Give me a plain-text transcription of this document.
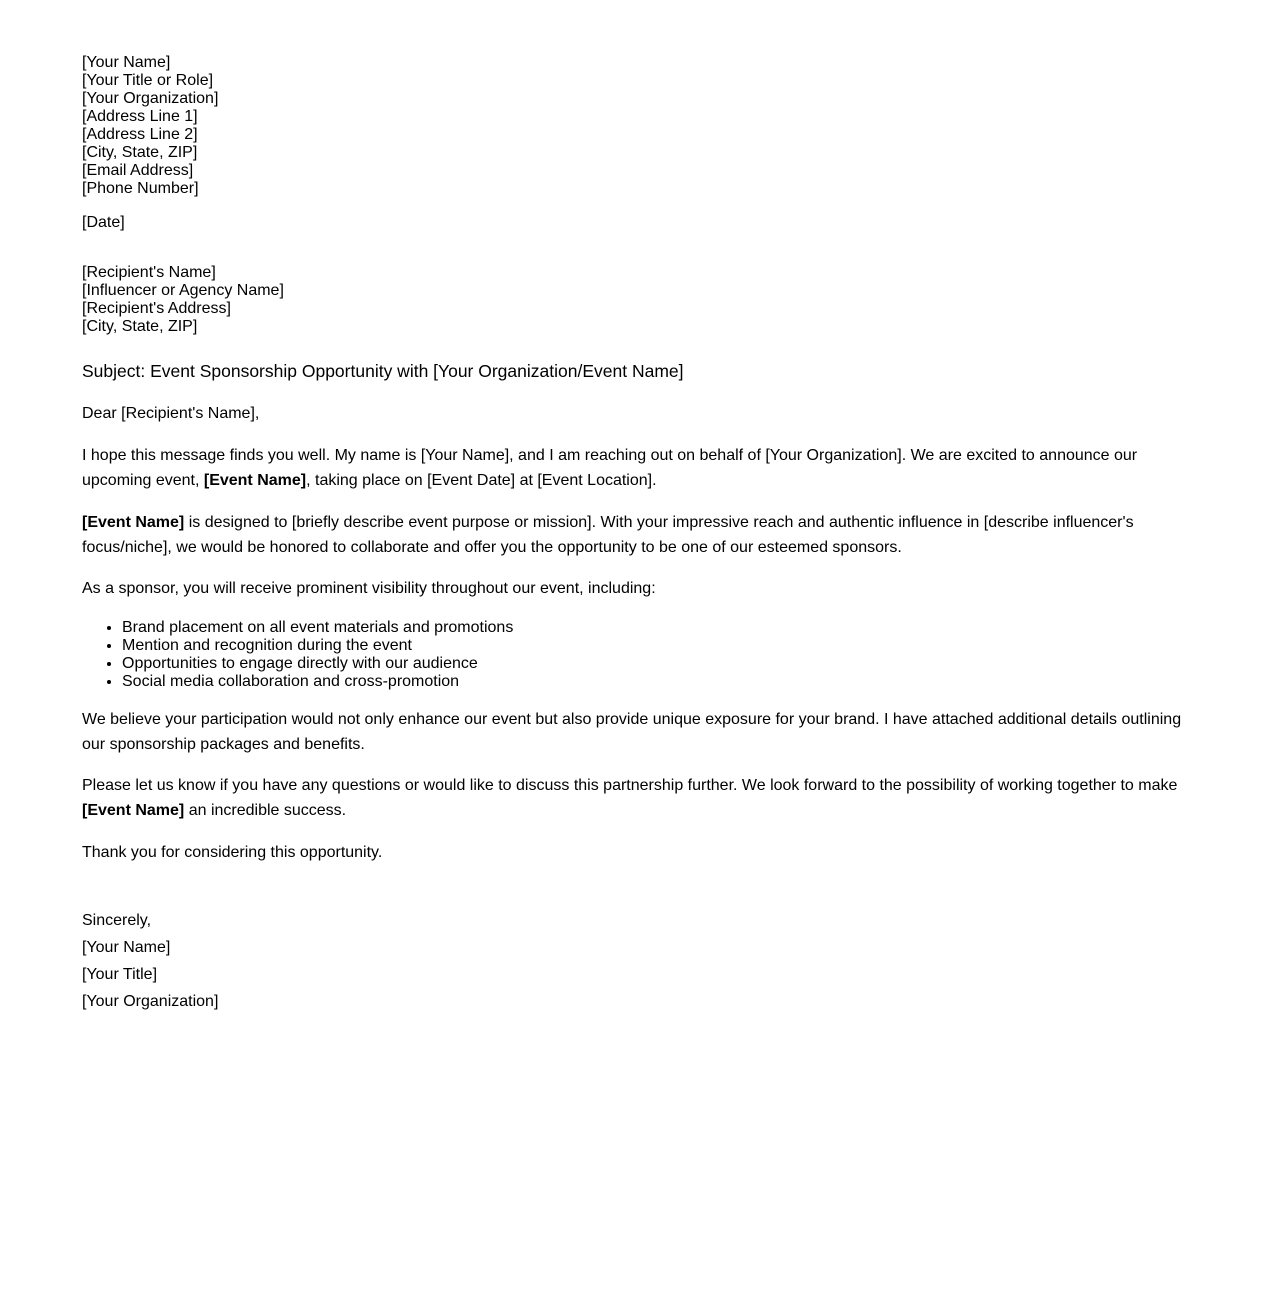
[Your Name]
[Your Title or Role]
[Your Organization]
[Address Line 1]
[Address Line 2]
[City, State, ZIP]
[Email Address]
[Phone Number]
[Date]
[Recipient's Name]
[Influencer or Agency Name]
[Recipient's Address]
[City, State, ZIP]
Subject: Event Sponsorship Opportunity with [Your Organization/Event Name]

Dear [Recipient's Name],

I hope this message finds you well. My name is [Your Name], and I am reaching out on behalf of [Your Organization]. We are excited to announce our upcoming event, [Event Name], taking place on [Event Date] at [Event Location].

[Event Name] is designed to [briefly describe event purpose or mission]. With your impressive reach and authentic influence in [describe influencer's focus/niche], we would be honored to collaborate and offer you the opportunity to be one of our esteemed sponsors.

As a sponsor, you will receive prominent visibility throughout our event, including:

• Brand placement on all event materials and promotions
• Mention and recognition during the event
• Opportunities to engage directly with our audience
• Social media collaboration and cross-promotion

We believe your participation would not only enhance our event but also provide unique exposure for your brand. I have attached additional details outlining our sponsorship packages and benefits.

Please let us know if you have any questions or would like to discuss this partnership further. We look forward to the possibility of working together to make [Event Name] an incredible success.

Thank you for considering this opportunity.

Sincerely,
[Your Name]
[Your Title]
[Your Organization]
